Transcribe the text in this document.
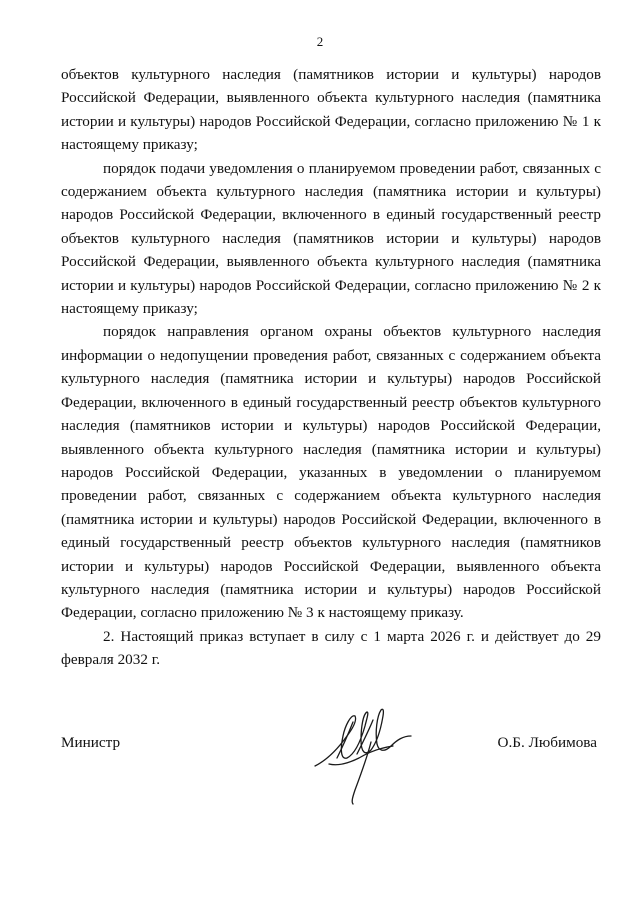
2

объектов культурного наследия (памятников истории и культуры) народов Российской Федерации, выявленного объекта культурного наследия (памятника истории и культуры) народов Российской Федерации, согласно приложению № 1 к настоящему приказу;

порядок подачи уведомления о планируемом проведении работ, связанных с содержанием объекта культурного наследия (памятника истории и культуры) народов Российской Федерации, включенного в единый государственный реестр объектов культурного наследия (памятников истории и культуры) народов Российской Федерации, выявленного объекта культурного наследия (памятника истории и культуры) народов Российской Федерации, согласно приложению № 2 к настоящему приказу;

порядок направления органом охраны объектов культурного наследия информации о недопущении проведения работ, связанных с содержанием объекта культурного наследия (памятника истории и культуры) народов Российской Федерации, включенного в единый государственный реестр объектов культурного наследия (памятников истории и культуры) народов Российской Федерации, выявленного объекта культурного наследия (памятника истории и культуры) народов Российской Федерации, указанных в уведомлении о планируемом проведении работ, связанных с содержанием объекта культурного наследия (памятника истории и культуры) народов Российской Федерации, включенного в единый государственный реестр объектов культурного наследия (памятников истории и культуры) народов Российской Федерации, выявленного объекта культурного наследия (памятника истории и культуры) народов Российской Федерации, согласно приложению № 3 к настоящему приказу.

2. Настоящий приказ вступает в силу с 1 марта 2026 г. и действует до 29 февраля 2032 г.

Министр	О.Б. Любимова
